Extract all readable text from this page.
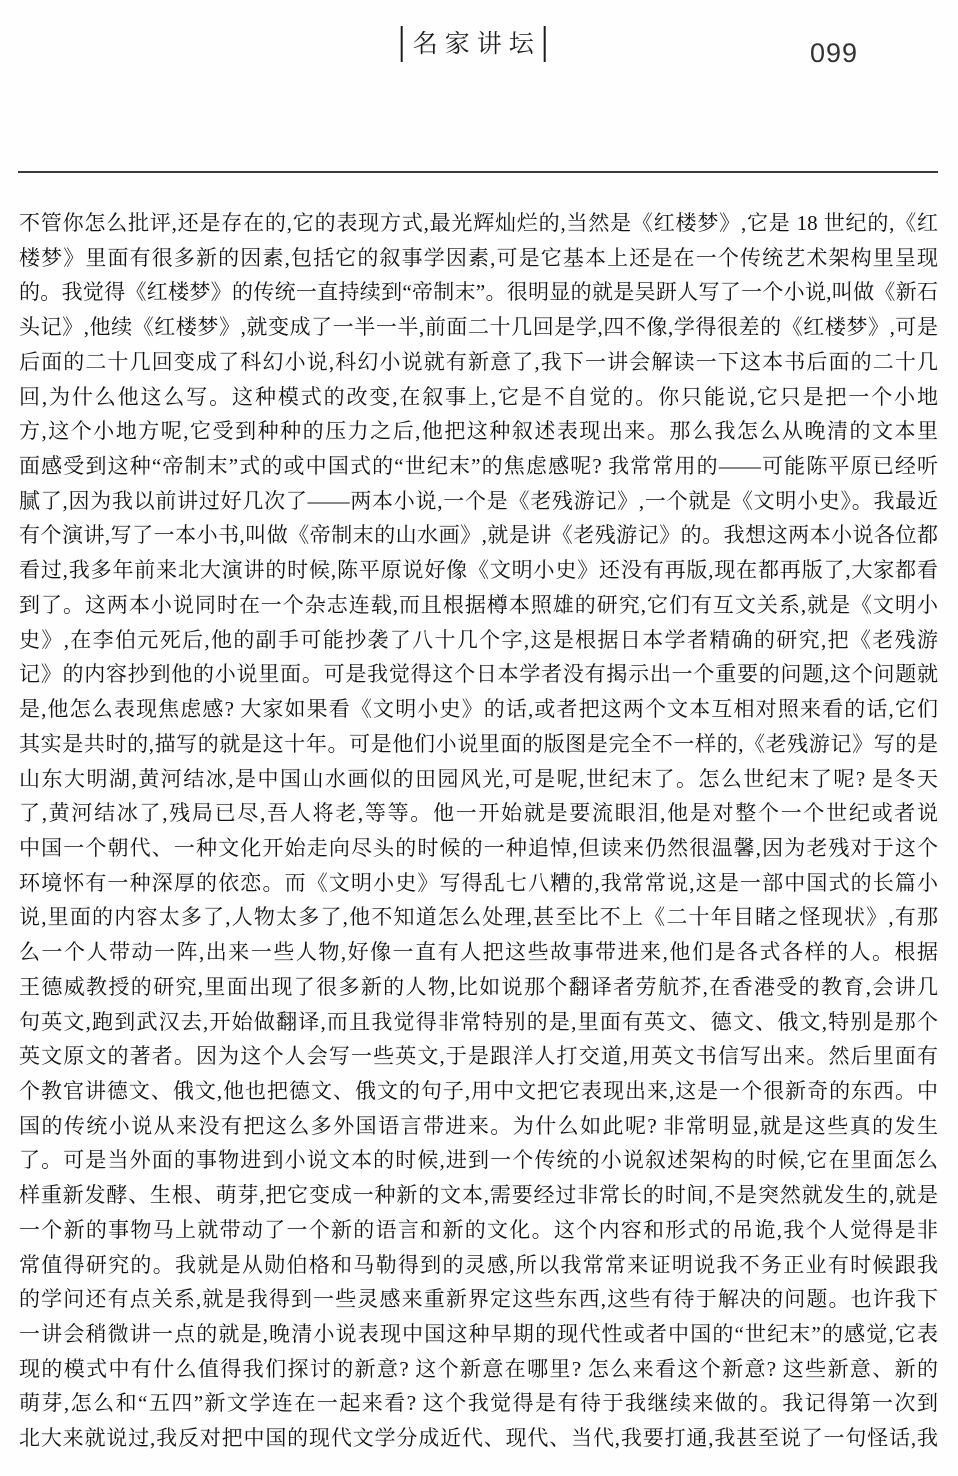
名家讲坛	099
不管你怎么批评,还是存在的,它的表现方式,最光辉灿烂的,当然是《红楼梦》,它是 18 世纪的,《红
楼梦》里面有很多新的因素,包括它的叙事学因素,可是它基本上还是在一个传统艺术架构里呈现
的。我觉得《红楼梦》的传统一直持续到“帝制末”。很明显的就是吴趼人写了一个小说,叫做《新石
头记》,他续《红楼梦》,就变成了一半一半,前面二十几回是学,四不像,学得很差的《红楼梦》,可是
后面的二十几回变成了科幻小说,科幻小说就有新意了,我下一讲会解读一下这本书后面的二十几
回,为什么他这么写。这种模式的改变,在叙事上,它是不自觉的。你只能说,它只是把一个小地
方,这个小地方呢,它受到种种的压力之后,他把这种叙述表现出来。那么我怎么从晚清的文本里
面感受到这种“帝制末”式的或中国式的“世纪末”的焦虑感呢? 我常常用的——可能陈平原已经听
腻了,因为我以前讲过好几次了——两本小说,一个是《老残游记》,一个就是《文明小史》。我最近
有个演讲,写了一本小书,叫做《帝制末的山水画》,就是讲《老残游记》的。我想这两本小说各位都
看过,我多年前来北大演讲的时候,陈平原说好像《文明小史》还没有再版,现在都再版了,大家都看
到了。这两本小说同时在一个杂志连载,而且根据樽本照雄的研究,它们有互文关系,就是《文明小
史》,在李伯元死后,他的副手可能抄袭了八十几个字,这是根据日本学者精确的研究,把《老残游
记》的内容抄到他的小说里面。可是我觉得这个日本学者没有揭示出一个重要的问题,这个问题就
是,他怎么表现焦虑感? 大家如果看《文明小史》的话,或者把这两个文本互相对照来看的话,它们
其实是共时的,描写的就是这十年。可是他们小说里面的版图是完全不一样的,《老残游记》写的是
山东大明湖,黄河结冰,是中国山水画似的田园风光,可是呢,世纪末了。怎么世纪末了呢? 是冬天
了,黄河结冰了,残局已尽,吾人将老,等等。他一开始就是要流眼泪,他是对整个一个世纪或者说
中国一个朝代、一种文化开始走向尽头的时候的一种追悼,但读来仍然很温馨,因为老残对于这个
环境怀有一种深厚的依恋。而《文明小史》写得乱七八糟的,我常常说,这是一部中国式的长篇小
说,里面的内容太多了,人物太多了,他不知道怎么处理,甚至比不上《二十年目睹之怪现状》,有那
么一个人带动一阵,出来一些人物,好像一直有人把这些故事带进来,他们是各式各样的人。根据
王德威教授的研究,里面出现了很多新的人物,比如说那个翻译者劳航芥,在香港受的教育,会讲几
句英文,跑到武汉去,开始做翻译,而且我觉得非常特别的是,里面有英文、德文、俄文,特别是那个
英文原文的著者。因为这个人会写一些英文,于是跟洋人打交道,用英文书信写出来。然后里面有
个教官讲德文、俄文,他也把德文、俄文的句子,用中文把它表现出来,这是一个很新奇的东西。中
国的传统小说从来没有把这么多外国语言带进来。为什么如此呢? 非常明显,就是这些真的发生
了。可是当外面的事物进到小说文本的时候,进到一个传统的小说叙述架构的时候,它在里面怎么
样重新发酵、生根、萌芽,把它变成一种新的文本,需要经过非常长的时间,不是突然就发生的,就是
一个新的事物马上就带动了一个新的语言和新的文化。这个内容和形式的吊诡,我个人觉得是非
常值得研究的。我就是从勋伯格和马勒得到的灵感,所以我常常来证明说我不务正业有时候跟我
的学问还有点关系,就是我得到一些灵感来重新界定这些东西,这些有待于解决的问题。也许我下
一讲会稍微讲一点的就是,晚清小说表现中国这种早期的现代性或者中国的“世纪末”的感觉,它表
现的模式中有什么值得我们探讨的新意? 这个新意在哪里? 怎么来看这个新意? 这些新意、新的
萌芽,怎么和“五四”新文学连在一起来看? 这个我觉得是有待于我继续来做的。我记得第一次到
北大来就说过,我反对把中国的现代文学分成近代、现代、当代,我要打通,我甚至说了一句怪话,我
